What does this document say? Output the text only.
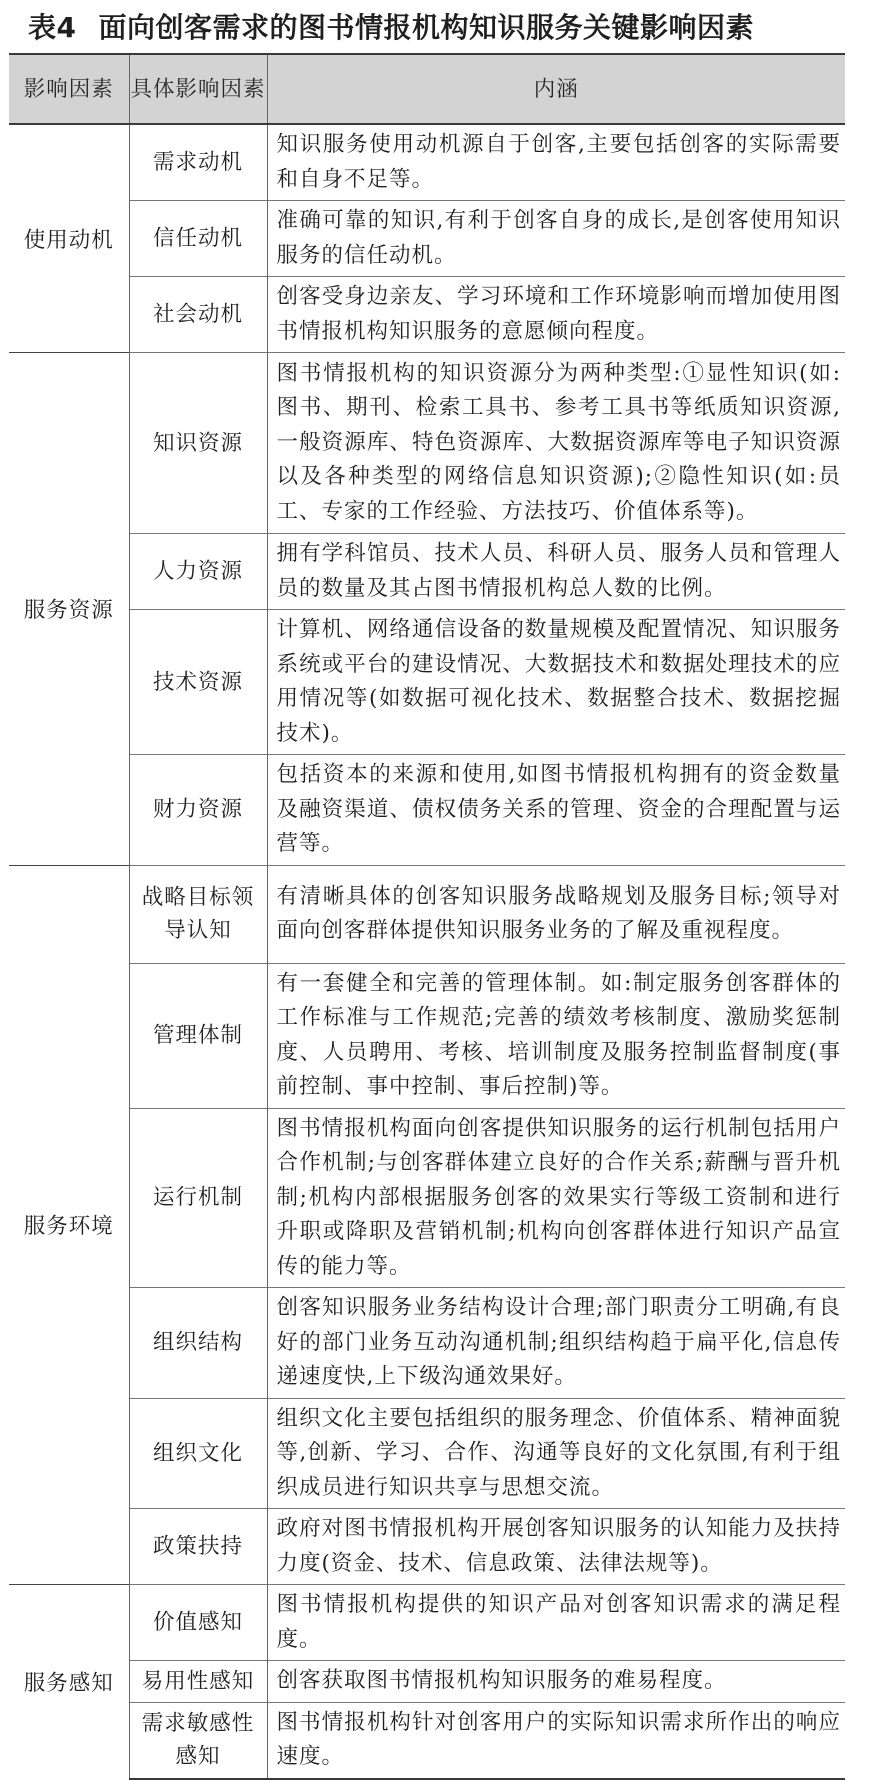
表4 面向创客需求的图书情报机构知识服务关键影响因素
影响因素	具体影响因素	内涵
使用动机	需求动机	知识服务使用动机源自于创客,主要包括创客的实际需要和自身不足等。
	信任动机	准确可靠的知识,有利于创客自身的成长,是创客使用知识服务的信任动机。
	社会动机	创客受身边亲友、学习环境和工作环境影响而增加使用图书情报机构知识服务的意愿倾向程度。
服务资源	知识资源	图书情报机构的知识资源分为两种类型:①显性知识(如:图书、期刊、检索工具书、参考工具书等纸质知识资源,一般资源库、特色资源库、大数据资源库等电子知识资源以及各种类型的网络信息知识资源);②隐性知识(如:员工、专家的工作经验、方法技巧、价值体系等)。
	人力资源	拥有学科馆员、技术人员、科研人员、服务人员和管理人员的数量及其占图书情报机构总人数的比例。
	技术资源	计算机、网络通信设备的数量规模及配置情况、知识服务系统或平台的建设情况、大数据技术和数据处理技术的应用情况等(如数据可视化技术、数据整合技术、数据挖掘技术)。
	财力资源	包括资本的来源和使用,如图书情报机构拥有的资金数量及融资渠道、债权债务关系的管理、资金的合理配置与运营等。
服务环境	战略目标领导认知	有清晰具体的创客知识服务战略规划及服务目标;领导对面向创客群体提供知识服务业务的了解及重视程度。
	管理体制	有一套健全和完善的管理体制。如:制定服务创客群体的工作标准与工作规范;完善的绩效考核制度、激励奖惩制度、人员聘用、考核、培训制度及服务控制监督制度(事前控制、事中控制、事后控制)等。
	运行机制	图书情报机构面向创客提供知识服务的运行机制包括用户合作机制;与创客群体建立良好的合作关系;薪酬与晋升机制;机构内部根据服务创客的效果实行等级工资制和进行升职或降职及营销机制;机构向创客群体进行知识产品宣传的能力等。
	组织结构	创客知识服务业务结构设计合理;部门职责分工明确,有良好的部门业务互动沟通机制;组织结构趋于扁平化,信息传递速度快,上下级沟通效果好。
	组织文化	组织文化主要包括组织的服务理念、价值体系、精神面貌等,创新、学习、合作、沟通等良好的文化氛围,有利于组织成员进行知识共享与思想交流。
	政策扶持	政府对图书情报机构开展创客知识服务的认知能力及扶持力度(资金、技术、信息政策、法律法规等)。
服务感知	价值感知	图书情报机构提供的知识产品对创客知识需求的满足程度。
	易用性感知	创客获取图书情报机构知识服务的难易程度。
	需求敏感性感知	图书情报机构针对创客用户的实际知识需求所作出的响应速度。
